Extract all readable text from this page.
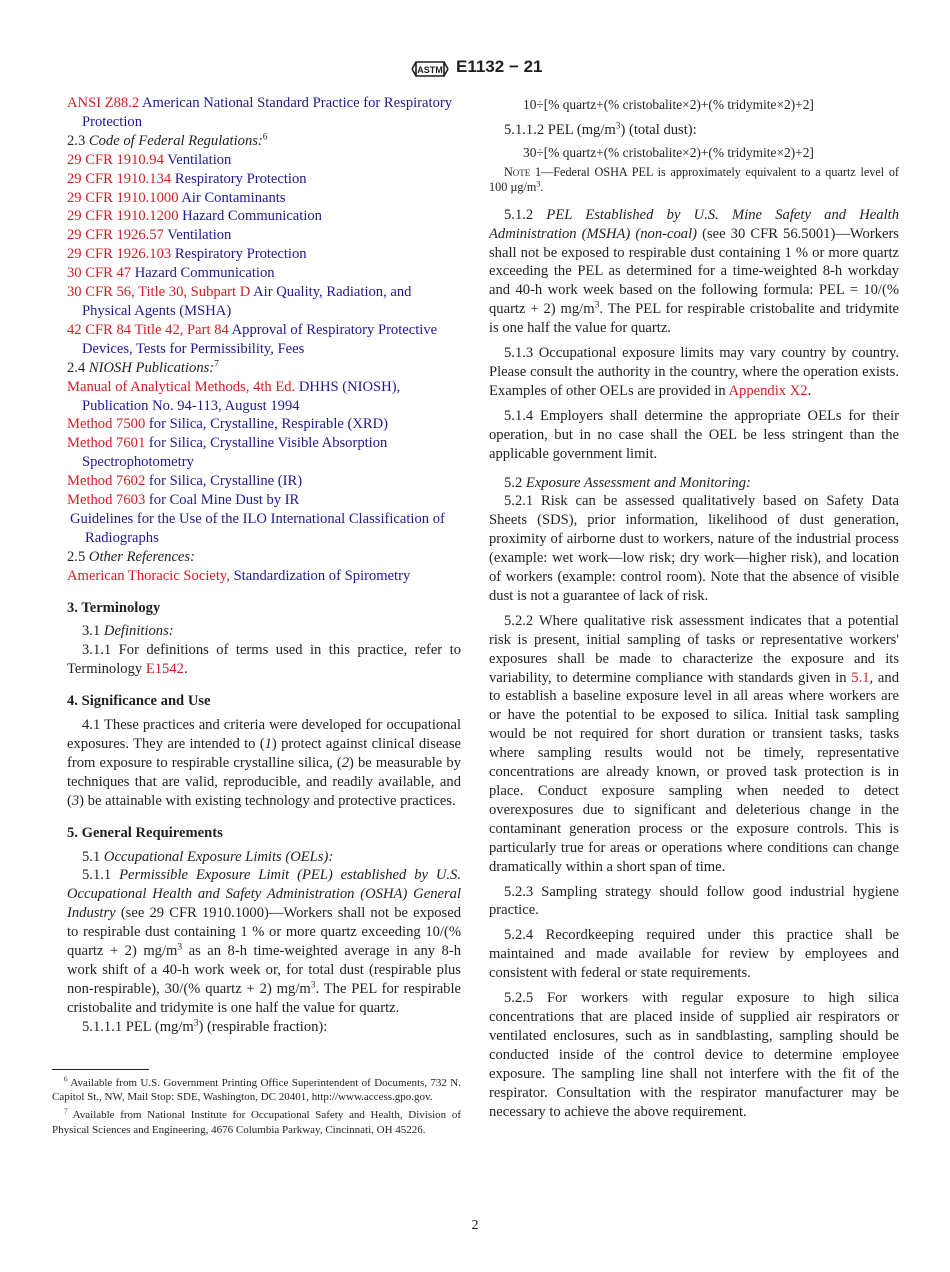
ASTM E1132 − 21
ANSI Z88.2 American National Standard Practice for Respiratory Protection
2.3 Code of Federal Regulations:$^6$
29 CFR 1910.94 Ventilation
29 CFR 1910.134 Respiratory Protection
29 CFR 1910.1000 Air Contaminants
29 CFR 1910.1200 Hazard Communication
29 CFR 1926.57 Ventilation
29 CFR 1926.103 Respiratory Protection
30 CFR 47 Hazard Communication
30 CFR 56, Title 30, Subpart D Air Quality, Radiation, and Physical Agents (MSHA)
42 CFR 84 Title 42, Part 84 Approval of Respiratory Protective Devices, Tests for Permissibility, Fees
2.4 NIOSH Publications:$^7$
Manual of Analytical Methods, 4th Ed. DHHS (NIOSH), Publication No. 94-113, August 1994
Method 7500 for Silica, Crystalline, Respirable (XRD)
Method 7601 for Silica, Crystalline Visible Absorption Spectrophotometry
Method 7602 for Silica, Crystalline (IR)
Method 7603 for Coal Mine Dust by IR
Guidelines for the Use of the ILO International Classification of Radiographs
2.5 Other References:
American Thoracic Society, Standardization of Spirometry
3. Terminology

3.1 Definitions:

3.1.1 For definitions of terms used in this practice, refer to Terminology E1542.

4. Significance and Use

4.1 These practices and criteria were developed for occupational exposures. They are intended to (1) protect against clinical disease from exposure to respirable crystalline silica, (2) be measurable by techniques that are valid, reproducible, and readily available, and (3) be attainable with existing technology and protective practices.

5. General Requirements

5.1 Occupational Exposure Limits (OELs):

5.1.1 Permissible Exposure Limit (PEL) established by U.S. Occupational Health and Safety Administration (OSHA) General Industry (see 29 CFR 1910.1000)—Workers shall not be exposed to respirable dust containing 1 % or more quartz exceeding 10/(% quartz + 2) $mg/m^3$ as an 8-h time-weighted average in any 8-h work shift of a 40-h work week or, for total dust (respirable plus non-respirable), 30/(% quartz + 2) $mg/m^3$. The PEL for respirable cristobalite and tridymite is one half the value for quartz.

5.1.1.1 PEL $(mg/m^3)$ (respirable fraction):

10÷[% quartz+(% cristobalite×2)+(% tridymite×2)+2]

5.1.1.2 PEL $(mg/m^3)$ (total dust):

30÷[% quartz+(% cristobalite×2)+(% tridymite×2)+2]

Note 1—Federal OSHA PEL is approximately equivalent to a quartz level of 100 $\mu g/m^3$.

5.1.2 PEL Established by U.S. Mine Safety and Health Administration (MSHA) (non-coal) (see 30 CFR 56.5001)—Workers shall not be exposed to respirable dust containing 1 % or more quartz exceeding the PEL as determined for a time-weighted 8-h workday and 40-h work week based on the following formula: PEL = 10/(% quartz + 2) $mg/m^3$. The PEL for respirable cristobalite and tridymite is one half the value for quartz.

5.1.3 Occupational exposure limits may vary country by country. Please consult the authority in the country, where the operation exists. Examples of other OELs are provided in Appendix X2.

5.1.4 Employers shall determine the appropriate OELs for their operation, but in no case shall the OEL be less stringent than the applicable government limit.

5.2 Exposure Assessment and Monitoring:

5.2.1 Risk can be assessed qualitatively based on Safety Data Sheets (SDS), prior information, likelihood of dust generation, proximity of airborne dust to workers, nature of the industrial process (example: wet work—low risk; dry work—higher risk), and location of workers (example: control room). Note that the absence of visible dust is not a guarantee of lack of risk.

5.2.2 Where qualitative risk assessment indicates that a potential risk is present, initial sampling of tasks or representative workers' exposures shall be made to characterize the exposure and its variability, to determine compliance with standards given in 5.1, and to establish a baseline exposure level in all areas where workers are or have the potential to be exposed to silica. Initial task sampling would be not required for short duration or transient tasks, tasks where sampling results would not be timely, representative concentrations are already known, or proved task protection is in place. Conduct exposure sampling when needed to detect overexposures due to significant and deleterious change in the contaminant generation process or the exposure controls. This is particularly true for areas or operations where conditions can change dramatically within a short span of time.

5.2.3 Sampling strategy should follow good industrial hygiene practice.

5.2.4 Recordkeeping required under this practice shall be maintained and made available for review by employees and consistent with federal or state requirements.

5.2.5 For workers with regular exposure to high silica concentrations that are placed inside of supplied air respirators or ventilated enclosures, such as in sandblasting, sampling should be conducted inside of the control device to determine employee exposure. The sampling line shall not interfere with the fit of the respirator. Consultation with the respirator manufacturer may be necessary to achieve the above requirement.

$^6$ Available from U.S. Government Printing Office Superintendent of Documents, 732 N. Capitol St., NW, Mail Stop: SDE, Washington, DC 20401, http://www.access.gpo.gov.

$^7$ Available from National Institute for Occupational Safety and Health, Division of Physical Sciences and Engineering, 4676 Columbia Parkway, Cincinnati, OH 45226.

2
